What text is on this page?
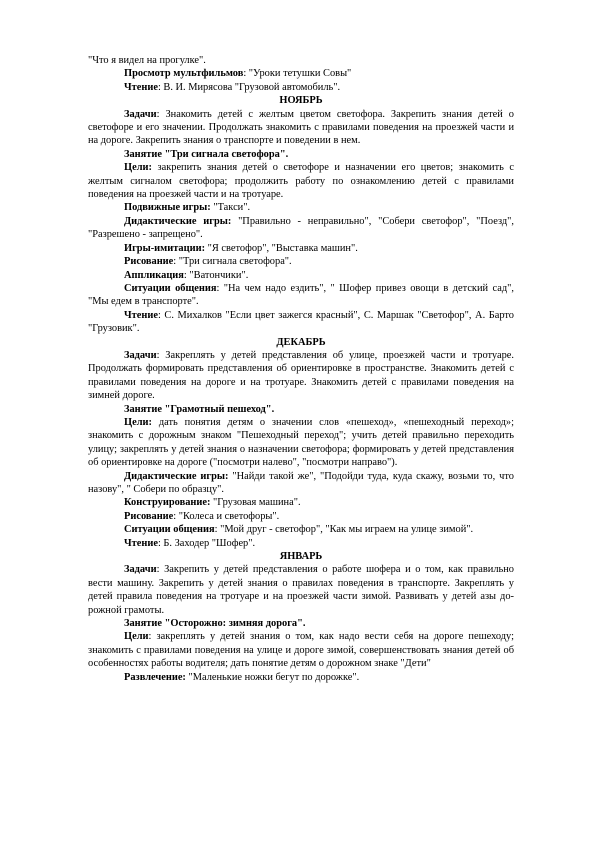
"Что я видел на прогулке".

Просмотр мультфильмов: "Уроки тетушки Совы"

Чтение: В. И. Мирясова "Грузовой автомобиль".

НОЯБРЬ

Задачи: Знакомить детей с желтым цветом светофора. Закрепить знания детей о светофоре и его значении. Продолжать знакомить с правилами поведения на проезжей части и на дороге. Закрепить знания о транспорте и поведении в нем.

Занятие "Три сигнала светофора".

Цели: закрепить знания детей о светофоре и назначении его цветов; знакомить с желтым сигналом светофора; продолжить работу по ознакомлению детей с правилами поведения на проезжей части и на тротуаре.

Подвижные игры: "Такси".

Дидактические игры: "Правильно - неправильно", "Собери светофор", "Поезд", "Разрешено - запрещено".

Игры-имитации: "Я светофор", "Выставка машин".

Рисование: "Три сигнала светофора".

Аппликация: "Ватончики".

Ситуации общения: "На чем надо ездить", " Шофер привез овощи в детский сад", "Мы едем в транспорте".

Чтение: С. Михалков "Если цвет зажегся красный", С. Маршак "Светофор", А. Барто "Грузовик".

ДЕКАБРЬ

Задачи: Закреплять у детей представления об улице, проезжей части и тротуаре. Продолжать формировать представления об ориентировке в пространстве. Знакомить детей с правилами поведения на дороге и на тротуаре. Знакомить детей с правилами поведения на зимней дороге.

Занятие "Грамотный пешеход".

Цели: дать понятия детям о значении слов «пешеход», «пешеходный переход»; знакомить с дорожным знаком "Пешеходный переход"; учить детей правильно переходить улицу; закреплять у детей знания о назначении светофора; формировать у детей представления об ориентировке на дороге ("посмотри налево", "посмотри направо").

Дидактические игры: "Найди такой же", "Подойди туда, куда скажу, возьми то, что назову", " Собери по образцу".

Конструирование: "Грузовая машина".

Рисование: "Колеса и светофоры".

Ситуации общения: "Мой друг - светофор", "Как мы играем на улице зимой".

Чтение: Б. Заходер "Шофер".

ЯНВАРЬ

Задачи: Закрепить у детей представления о работе шофера и о том, как правильно вести машину. Закрепить у детей знания о правилах поведения в транспорте. Закреплять у детей правила поведения на тротуаре и на проезжей части зимой. Развивать у детей азы до-рожной грамоты.

Занятие "Осторожно: зимняя дорога".

Цели: закреплять у детей знания о том, как надо вести себя на дороге пешеходу; знакомить с правилами поведения на улице и дороге зимой, совершенствовать знания детей об особенностях работы водителя; дать понятие детям о дорожном знаке "Дети"

Развлечение: "Маленькие ножки бегут по дорожке".
